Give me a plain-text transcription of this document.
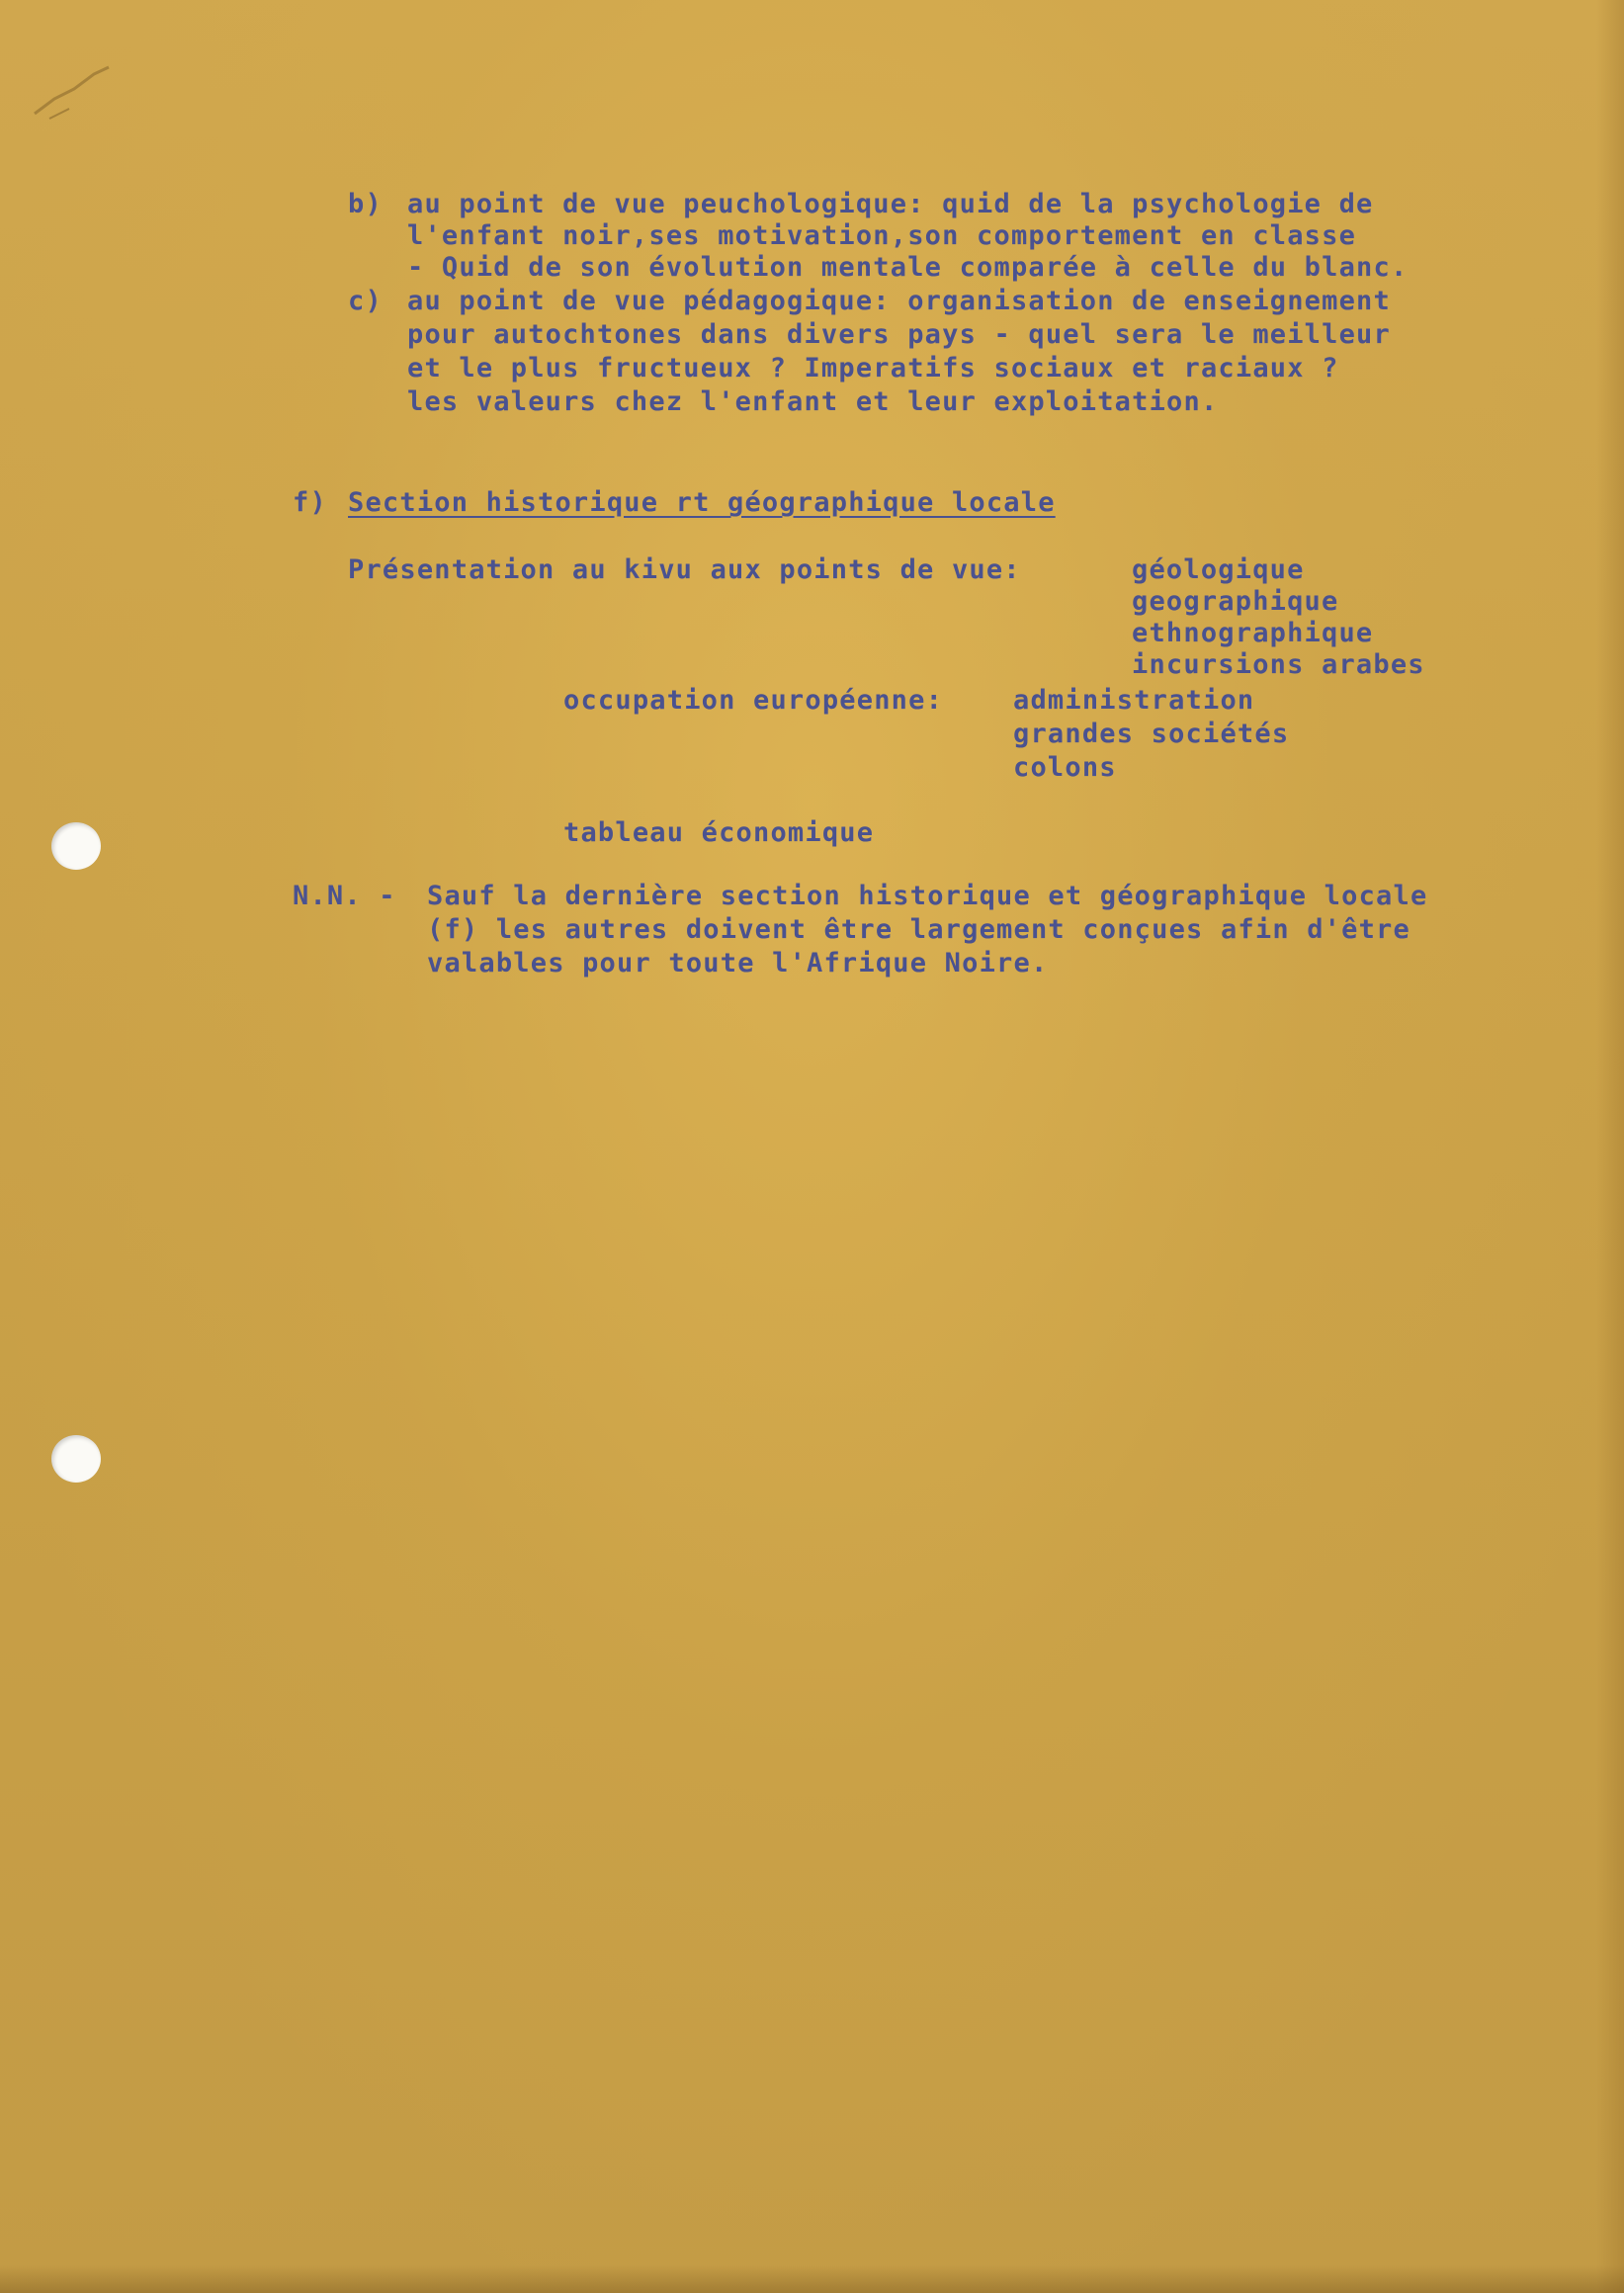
b) au point de vue peuchologique: quid de la psychologie de
l'enfant noir,ses motivation,son comportement en classe
- Quid de son évolution mentale comparée à celle du blanc.
c) au point de vue pédagogique: organisation de enseignement
pour autochtones dans divers pays - quel sera le meilleur
et le plus fructueux ? Imperatifs sociaux et raciaux ?
les valeurs chez l'enfant et leur exploitation.
f) Section historique rt géographique locale
Présentation au kivu aux points de vue:	géologique
geographique
ethnographique
incursions arabes
occupation européenne:	administration
grandes sociétés
colons
tableau économique
N.N. - Sauf la dernière section historique et géographique locale
(f) les autres doivent être largement conçues afin d'être
valables pour toute l'Afrique Noire.
